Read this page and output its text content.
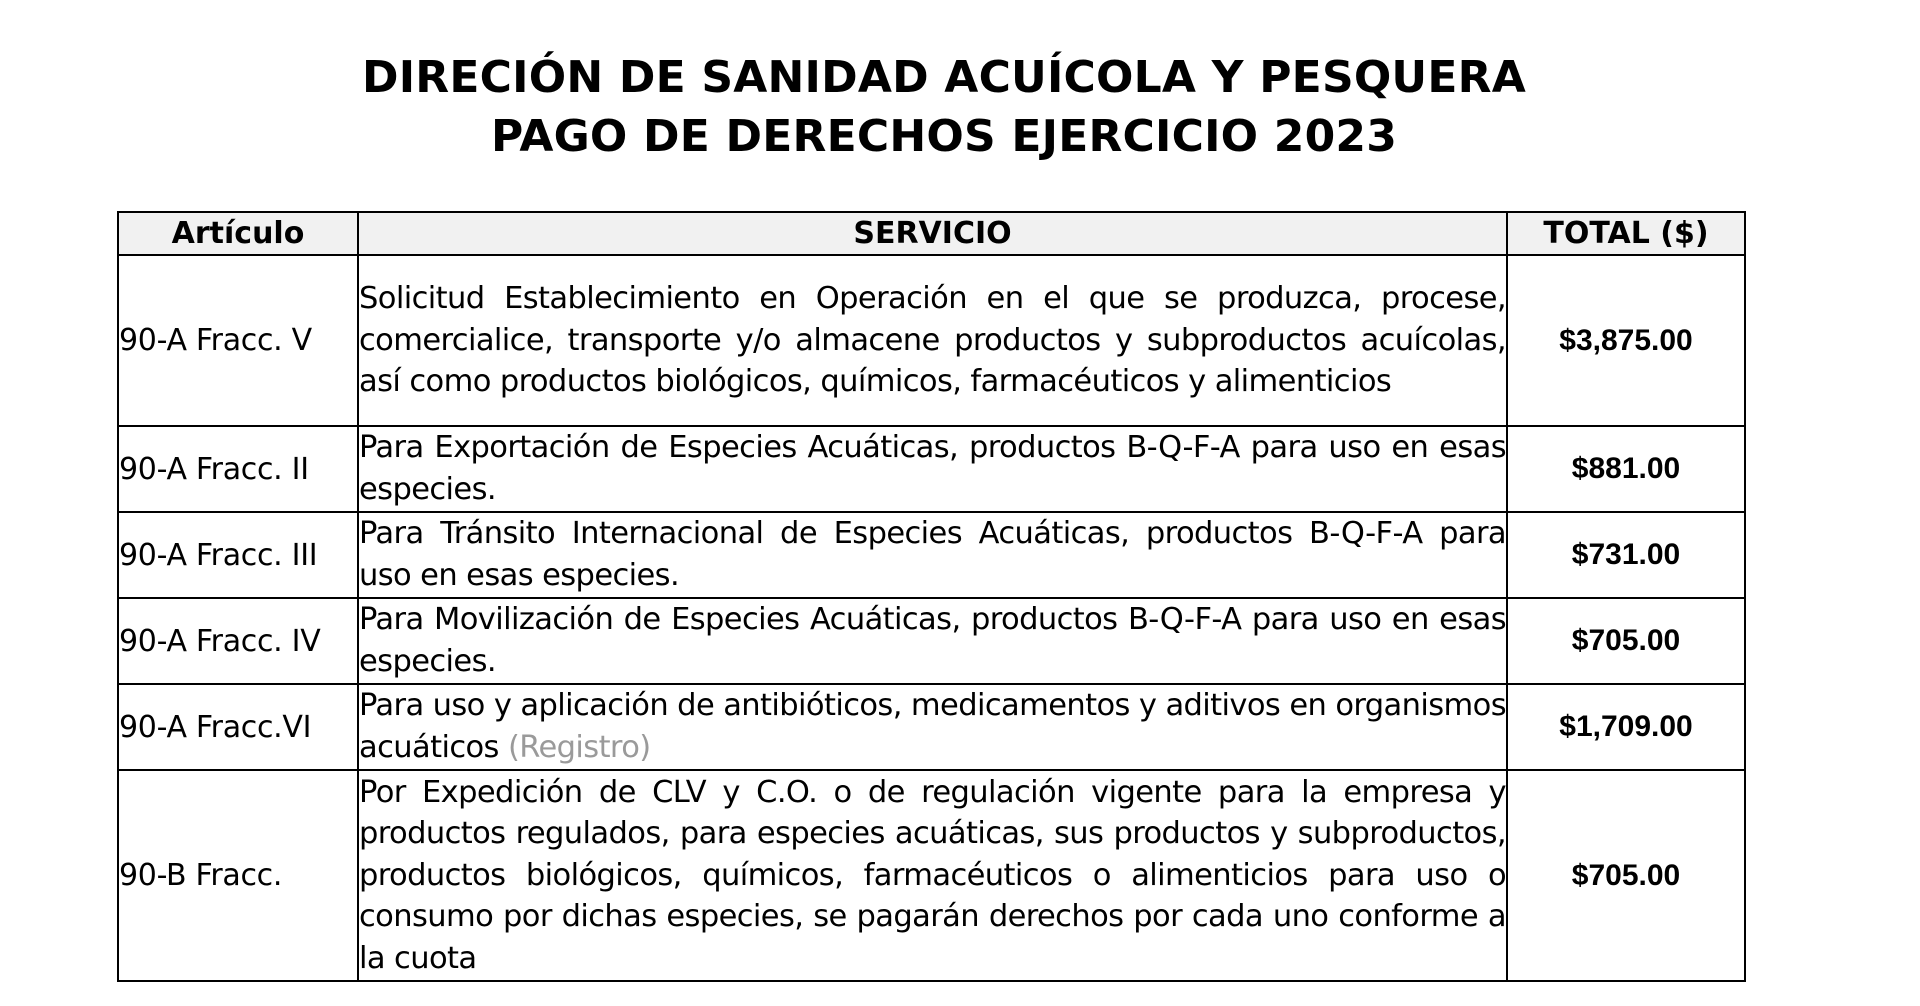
DIRECIÓN DE SANIDAD ACUÍCOLA Y PESQUERA
PAGO DE DERECHOS EJERCICIO 2023
Artículo	SERVICIO	TOTAL ($)
90-A Fracc. V	Solicitud Establecimiento en Operación en el que se produzca, procese, comercialice, transporte y/o almacene productos y subproductos acuícolas, así como productos biológicos, químicos, farmacéuticos y alimenticios	$3,875.00
90-A Fracc. II	Para Exportación de Especies Acuáticas, productos B-Q-F-A para uso en esas especies.	$881.00
90-A Fracc. III	Para Tránsito Internacional de Especies Acuáticas, productos B-Q-F-A para uso en esas especies.	$731.00
90-A Fracc. IV	Para Movilización de Especies Acuáticas, productos B-Q-F-A para uso en esas especies.	$705.00
90-A Fracc.VI	Para uso y aplicación de antibióticos, medicamentos y aditivos en organismos acuáticos (Registro)	$1,709.00
90-B Fracc.	Por Expedición de CLV y C.O. o de regulación vigente para la empresa y productos regulados, para especies acuáticas, sus productos y subproductos, productos biológicos, químicos, farmacéuticos o alimenticios para uso o consumo por dichas especies, se pagarán derechos por cada uno conforme a la cuota	$705.00
